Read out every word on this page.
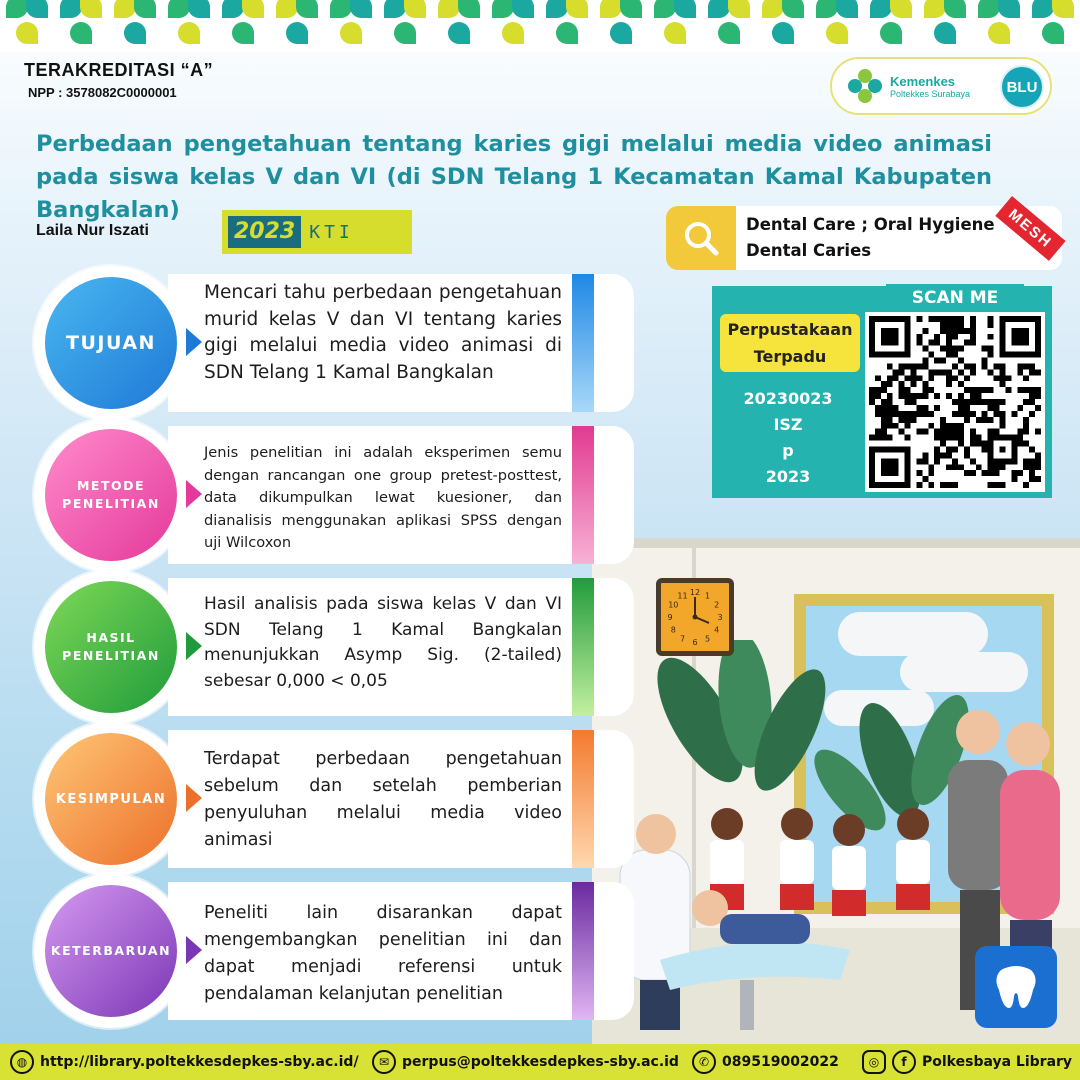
TERAKREDITASI “A”
NPP : 3578082C0000001
Kemenkes
Poltekkes Surabaya	BLU
Perbedaan pengetahuan tentang karies gigi melalui media video animasi pada siswa kelas V dan VI (di SDN Telang 1 Kecamatan Kamal Kabupaten Bangkalan)
Laila Nur Iszati	2023 KTI	Dental Care ; Oral Hygiene
Dental Caries	MESH
SCAN ME
Perpustakaan
Terpadu
20230023
ISZ
p
2023
12 1
2
3
4
5
6
7
8
9
10
11
Mencari tahu perbedaan pengetahuan murid kelas V dan VI tentang karies gigi melalui media video animasi di SDN Telang 1 Kamal Bangkalan
TUJUAN
Jenis penelitian ini adalah eksperimen semu dengan rancangan one group pretest-posttest, data dikumpulkan lewat kuesioner, dan dianalisis menggunakan aplikasi SPSS dengan uji Wilcoxon
METODE
PENELITIAN
Hasil analisis pada siswa kelas V dan VI SDN Telang 1 Kamal Bangkalan menunjukkan Asymp Sig. (2-tailed) sebesar 0,000 < 0,05
HASIL
PENELITIAN
Terdapat perbedaan pengetahuan sebelum dan setelah pemberian penyuluhan melalui media video animasi
KESIMPULAN
Peneliti lain disarankan dapat mengembangkan penelitian ini dan dapat menjadi referensi untuk pendalaman kelanjutan penelitian
KETERBARUAN
◍ http://library.poltekkesdepkes-sby.ac.id/	✉ perpus@poltekkesdepkes-sby.ac.id	✆ 089519002022	◎	f	Polkesbaya Library
